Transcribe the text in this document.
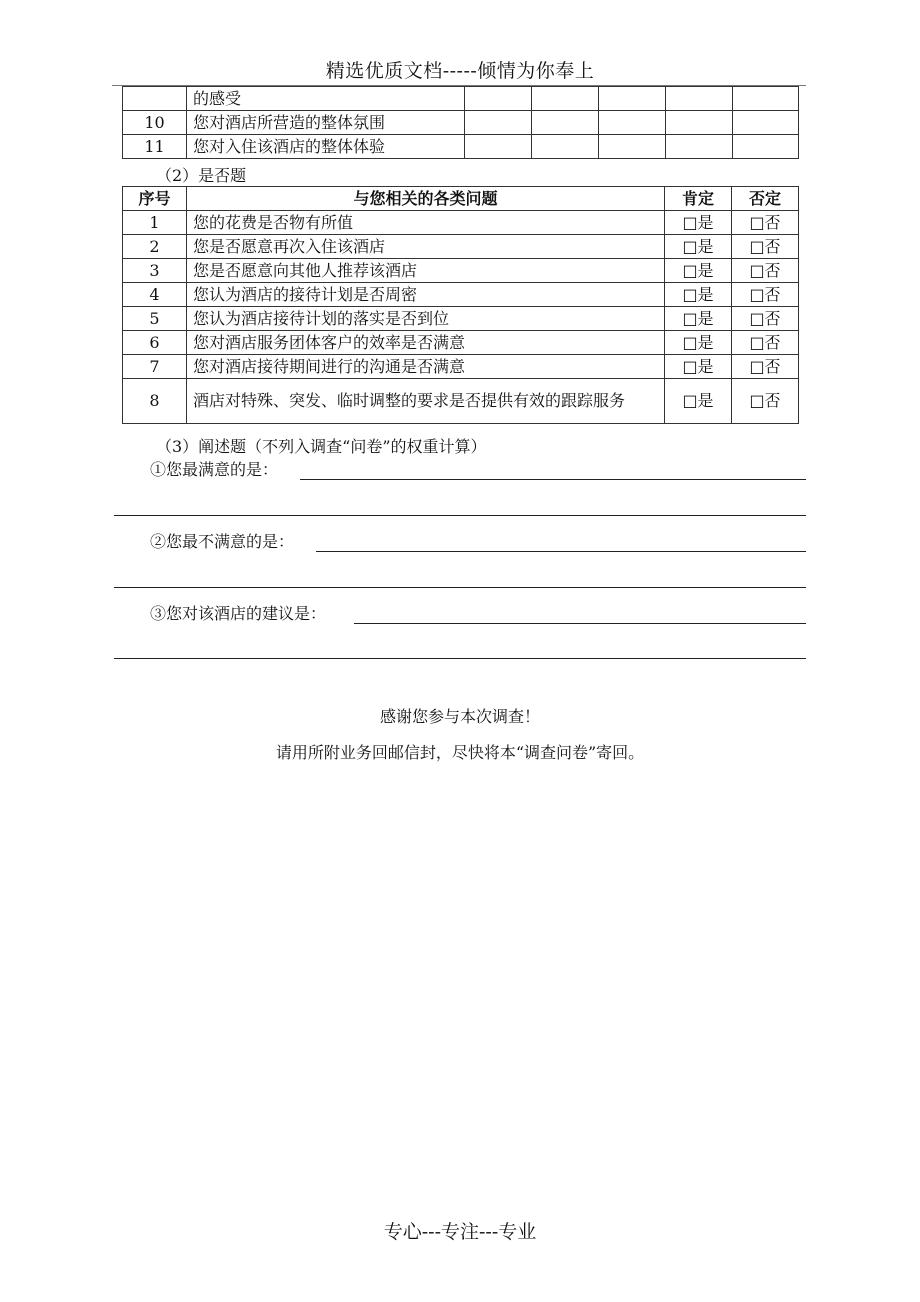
精选优质文档-----倾情为你奉上
	的感受					
10	您对酒店所营造的整体氛围					
11	您对入住该酒店的整体体验					
（2）是否题
序号	与您相关的各类问题	肯定	否定
1	您的花费是否物有所值	□是	□否
2	您是否愿意再次入住该酒店	□是	□否
3	您是否愿意向其他人推荐该酒店	□是	□否
4	您认为酒店的接待计划是否周密	□是	□否
5	您认为酒店接待计划的落实是否到位	□是	□否
6	您对酒店服务团体客户的效率是否满意	□是	□否
7	您对酒店接待期间进行的沟通是否满意	□是	□否
8	酒店对特殊、突发、临时调整的要求是否提供有效的跟踪服务	□是	□否
（3）阐述题（不列入调查“问卷”的权重计算）
①您最满意的是：
②您最不满意的是：
③您对该酒店的建议是：
感谢您参与本次调查！
请用所附业务回邮信封，尽快将本“调查问卷”寄回。
专心---专注---专业
